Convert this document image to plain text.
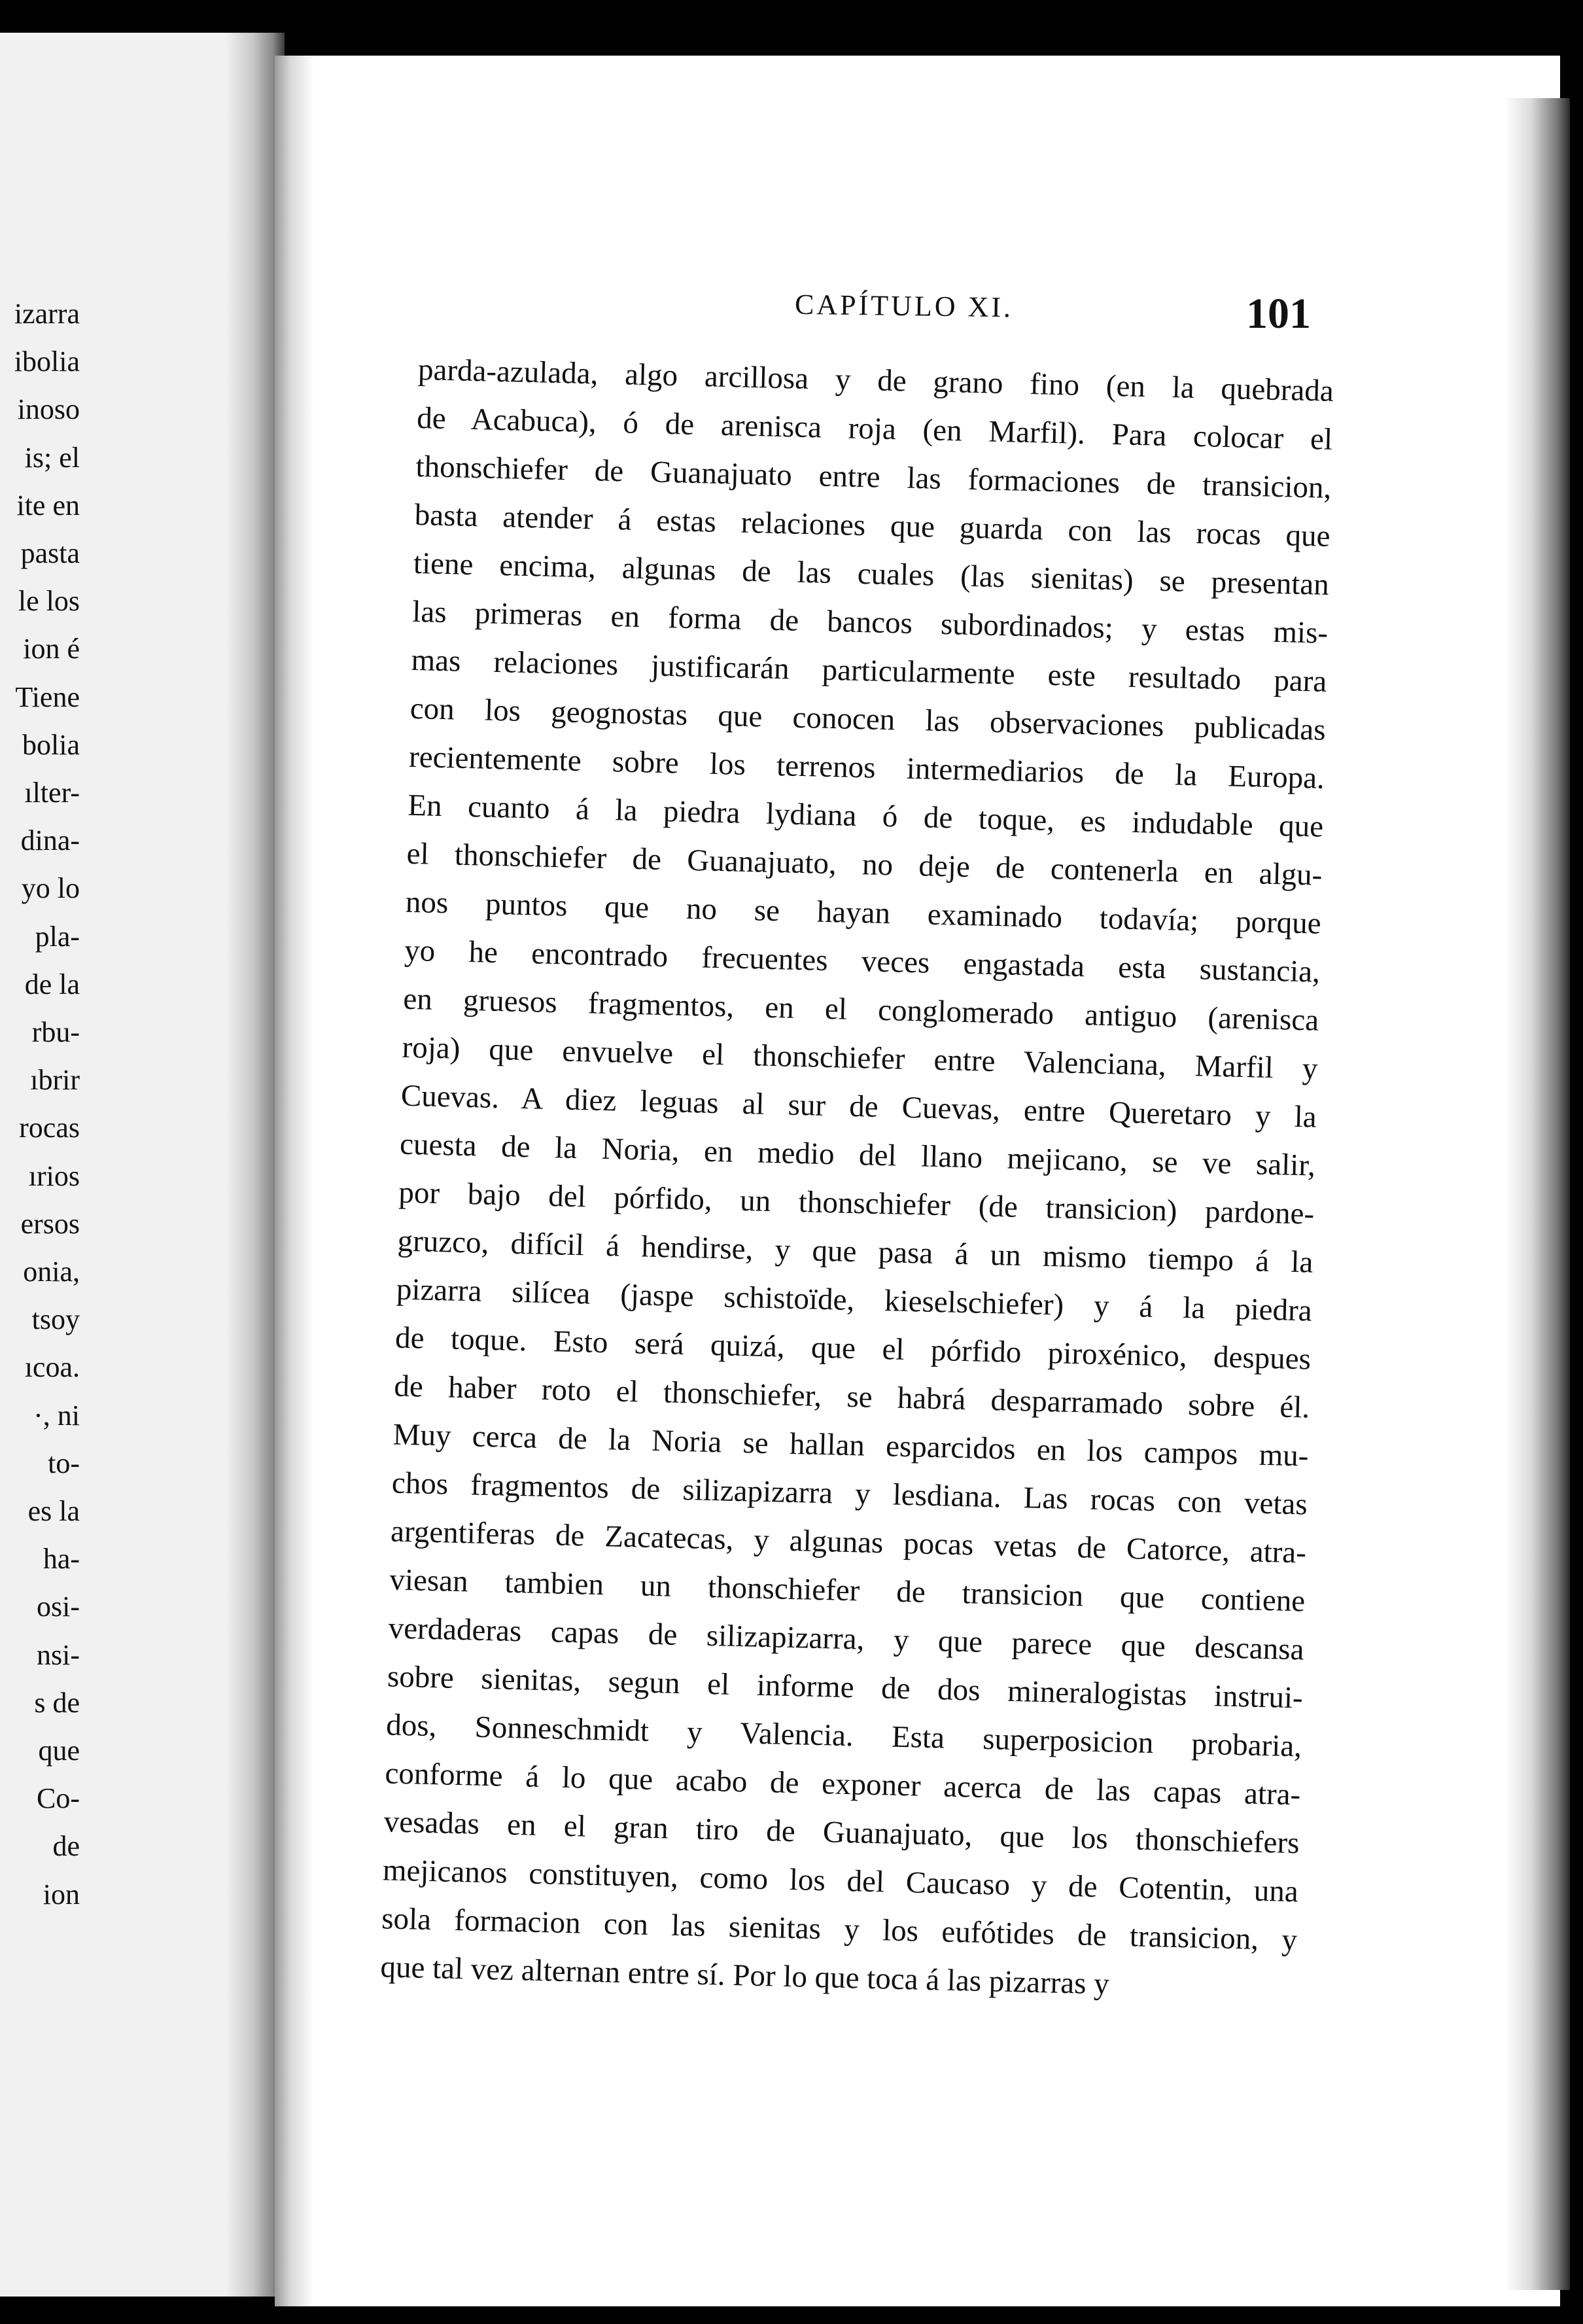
izarra
ibolia
inoso
is; el
ite en
pasta
le los
ion é
Tiene
bolia
ılter-
dina-
yo lo
pla-
de la
rbu-
ıbrir
rocas
ırios
ersos
onia,
tsoy
ıcoa.
·, ni
to-
es la
ha-
osi-
nsi-
s de
que
Co-
de
ion
CAPÍTULO XI.	101
parda-azulada, algo arcillosa y de grano fino (en la quebrada
de Acabuca), ó de arenisca roja (en Marfil). Para colocar el
thonschiefer de Guanajuato entre las formaciones de transicion,
basta atender á estas relaciones que guarda con las rocas que
tiene encima, algunas de las cuales (las sienitas) se presentan
las primeras en forma de bancos subordinados; y estas mis-
mas relaciones justificarán particularmente este resultado para
con los geognostas que conocen las observaciones publicadas
recientemente sobre los terrenos intermediarios de la Europa.
En cuanto á la piedra lydiana ó de toque, es indudable que
el thonschiefer de Guanajuato, no deje de contenerla en algu-
nos puntos que no se hayan examinado todavía; porque
yo he encontrado frecuentes veces engastada esta sustancia,
en gruesos fragmentos, en el conglomerado antiguo (arenisca
roja) que envuelve el thonschiefer entre Valenciana, Marfil y
Cuevas. A diez leguas al sur de Cuevas, entre Queretaro y la
cuesta de la Noria, en medio del llano mejicano, se ve salir,
por bajo del pórfido, un thonschiefer (de transicion) pardone-
gruzco, difícil á hendirse, y que pasa á un mismo tiempo á la
pizarra silícea (jaspe schistoïde, kieselschiefer) y á la piedra
de toque. Esto será quizá, que el pórfido piroxénico, despues
de haber roto el thonschiefer, se habrá desparramado sobre él.
Muy cerca de la Noria se hallan esparcidos en los campos mu-
chos fragmentos de silizapizarra y lesdiana. Las rocas con vetas
argentiferas de Zacatecas, y algunas pocas vetas de Catorce, atra-
viesan tambien un thonschiefer de transicion que contiene
verdaderas capas de silizapizarra, y que parece que descansa
sobre sienitas, segun el informe de dos mineralogistas instrui-
dos, Sonneschmidt y Valencia. Esta superposicion probaria,
conforme á lo que acabo de exponer acerca de las capas atra-
vesadas en el gran tiro de Guanajuato, que los thonschiefers
mejicanos constituyen, como los del Caucaso y de Cotentin, una
sola formacion con las sienitas y los eufótides de transicion, y
que tal vez alternan entre sí. Por lo que toca á las pizarras y
